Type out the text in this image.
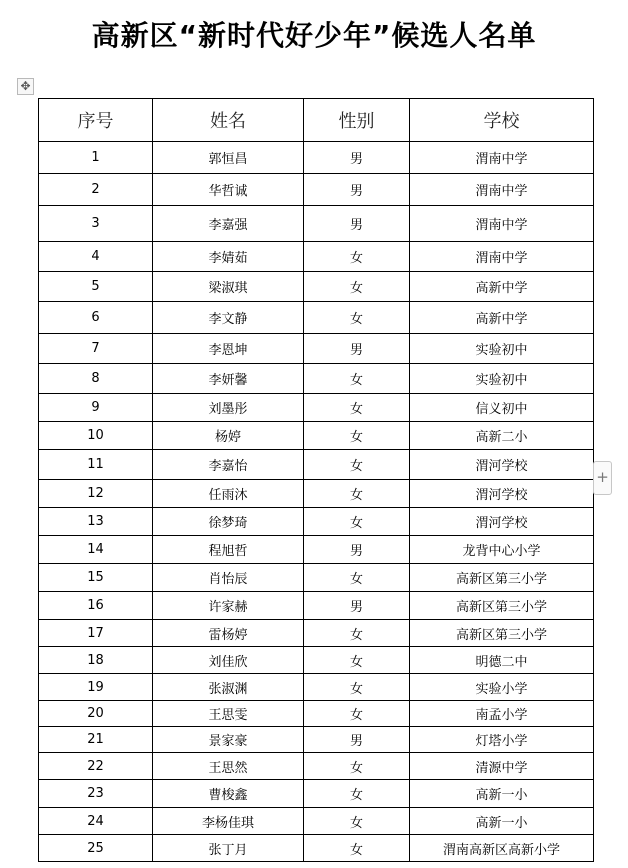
高新区“新时代好少年”候选人名单
✥
序号	姓名	性别	学校
1	郭恒昌	男	渭南中学
2	华哲诚	男	渭南中学
3	李嘉强	男	渭南中学
4	李婧茹	女	渭南中学
5	梁淑琪	女	高新中学
6	李文静	女	高新中学
7	李恩坤	男	实验初中
8	李妍馨	女	实验初中
9	刘墨彤	女	信义初中
10	杨婷	女	高新二小
11	李嘉怡	女	渭河学校
12	任雨沐	女	渭河学校
13	徐梦琦	女	渭河学校
14	程旭哲	男	龙背中心小学
15	肖怡辰	女	高新区第三小学
16	许家赫	男	高新区第三小学
17	雷杨婷	女	高新区第三小学
18	刘佳欣	女	明德二中
19	张淑渊	女	实验小学
20	王思雯	女	南孟小学
21	景家豪	男	灯塔小学
22	王思然	女	清源中学
23	曹梭鑫	女	高新一小
24	李杨佳琪	女	高新一小
25	张丁月	女	渭南高新区高新小学
+
